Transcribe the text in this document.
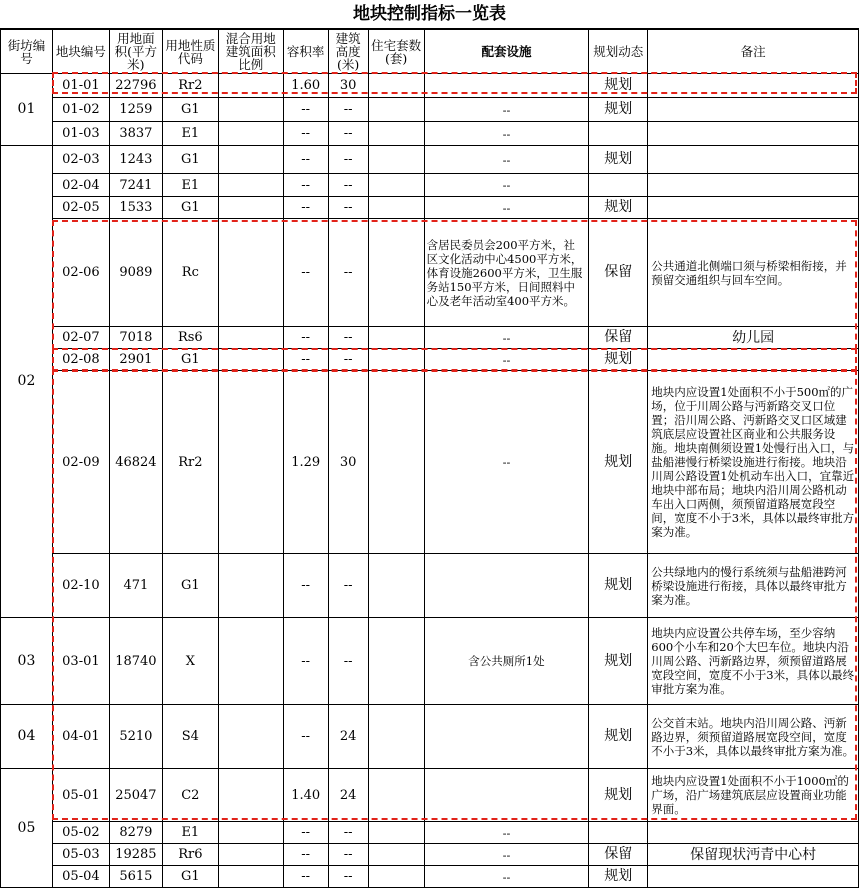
地块控制指标一览表
街坊编号	地块编号	用地面积(平方米)	用地性质代码	混合用地建筑面积比例	容积率	建筑高度(米)	住宅套数(套)	配套设施	规划动态	备注
01	01-01	22796	Rr2		1.60	30			规划	
	01-02	1259	G1		--	--		--	规划	
	01-03	3837	E1		--	--		--		
02	02-03	1243	G1		--	--		--	规划	
	02-04	7241	E1		--	--		--		
	02-05	1533	G1		--	--		--	规划	
	02-06	9089	Rc		--	--		含居民委员会200平方米，社区文化活动中心4500平方米，体育设施2600平方米，卫生服务站150平方米，日间照料中心及老年活动室400平方米。	保留	公共通道北侧端口须与桥梁相衔接，并预留交通组织与回车空间。
	02-07	7018	Rs6		--	--		--	保留	幼儿园
	02-08	2901	G1		--	--		--	规划	
	02-09	46824	Rr2		1.29	30		--	规划	地块内应设置1处面积不小于500㎡的广场，位于川周公路与沔新路交叉口位置；沿川周公路、沔新路交叉口区域建筑底层应设置社区商业和公共服务设施。地块南侧须设置1处慢行出入口，与盐船港慢行桥梁设施进行衔接。地块沿川周公路设置1处机动车出入口，宜靠近地块中部布局；地块内沿川周公路机动车出入口两侧，须预留道路展宽段空间，宽度不小于3米，具体以最终审批方案为准。
	02-10	471	G1		--	--			规划	公共绿地内的慢行系统须与盐船港跨河桥梁设施进行衔接，具体以最终审批方案为准。
03	03-01	18740	X		--	--		含公共厕所1处	规划	地块内应设置公共停车场，至少容纳600个小车和20个大巴车位。地块内沿川周公路、沔新路边界，须预留道路展宽段空间，宽度不小于3米，具体以最终审批方案为准。
04	04-01	5210	S4		--	24			规划	公交首末站。地块内沿川周公路、沔新路边界，须预留道路展宽段空间，宽度不小于3米，具体以最终审批方案为准。
05	05-01	25047	C2		1.40	24			规划	地块内应设置1处面积不小于1000㎡的广场，沿广场建筑底层应设置商业功能界面。
	05-02	8279	E1		--	--		--		
	05-03	19285	Rr6		--	--		--	保留	保留现状沔青中心村
	05-04	5615	G1		--	--		--	规划	
